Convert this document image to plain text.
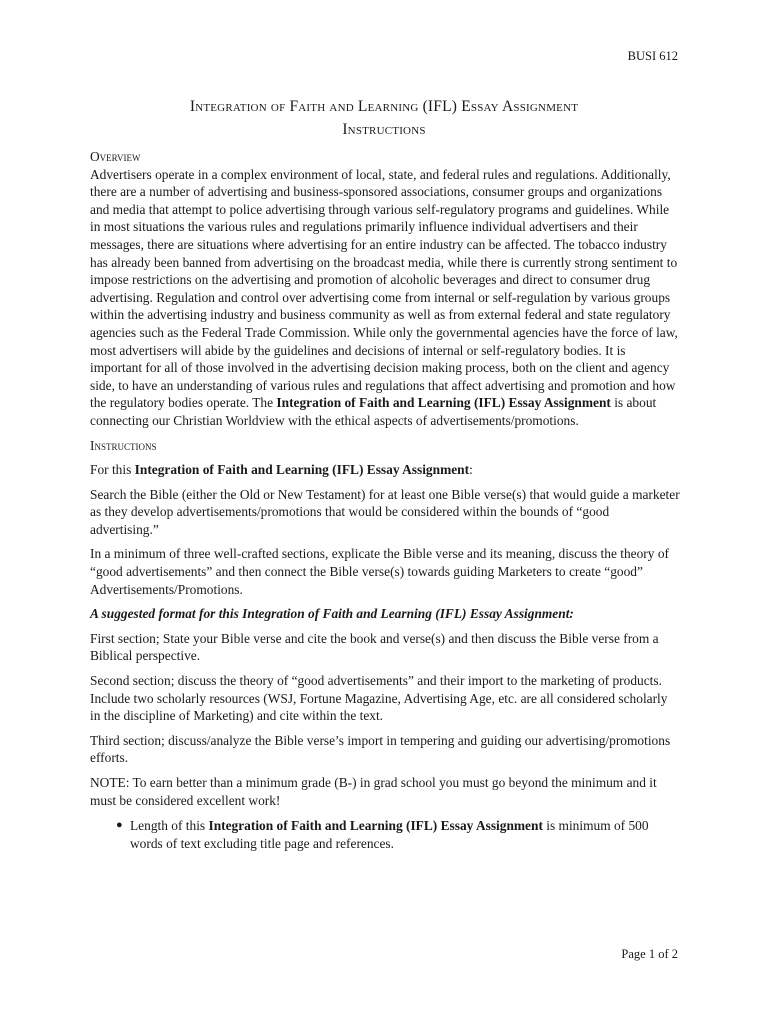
BUSI 612
Integration of Faith and Learning (IFL) Essay Assignment
Instructions
Overview

Advertisers operate in a complex environment of local, state, and federal rules and regulations. Additionally, there are a number of advertising and business-sponsored associations, consumer groups and organizations and media that attempt to police advertising through various self-regulatory programs and guidelines. While in most situations the various rules and regulations primarily influence individual advertisers and their messages, there are situations where advertising for an entire industry can be affected. The tobacco industry has already been banned from advertising on the broadcast media, while there is currently strong sentiment to impose restrictions on the advertising and promotion of alcoholic beverages and direct to consumer drug advertising. Regulation and control over advertising come from internal or self-regulation by various groups within the advertising industry and business community as well as from external federal and state regulatory agencies such as the Federal Trade Commission. While only the governmental agencies have the force of law, most advertisers will abide by the guidelines and decisions of internal or self-regulatory bodies. It is important for all of those involved in the advertising decision making process, both on the client and agency side, to have an understanding of various rules and regulations that affect advertising and promotion and how the regulatory bodies operate. The Integration of Faith and Learning (IFL) Essay Assignment is about connecting our Christian Worldview with the ethical aspects of advertisements/promotions.

Instructions

For this Integration of Faith and Learning (IFL) Essay Assignment:

Search the Bible (either the Old or New Testament) for at least one Bible verse(s) that would guide a marketer as they develop advertisements/promotions that would be considered within the bounds of “good advertising.”

In a minimum of three well-crafted sections, explicate the Bible verse and its meaning, discuss the theory of “good advertisements” and then connect the Bible verse(s) towards guiding Marketers to create “good” Advertisements/Promotions.

A suggested format for this Integration of Faith and Learning (IFL) Essay Assignment:

First section; State your Bible verse and cite the book and verse(s) and then discuss the Bible verse from a Biblical perspective.

Second section; discuss the theory of “good advertisements” and their import to the marketing of products. Include two scholarly resources (WSJ, Fortune Magazine, Advertising Age, etc. are all considered scholarly in the discipline of Marketing) and cite within the text.

Third section; discuss/analyze the Bible verse’s import in tempering and guiding our advertising/promotions efforts.

NOTE: To earn better than a minimum grade (B-) in grad school you must go beyond the minimum and it must be considered excellent work!

● Length of this Integration of Faith and Learning (IFL) Essay Assignment is minimum of 500 words of text excluding title page and references.
Page 1 of 2
